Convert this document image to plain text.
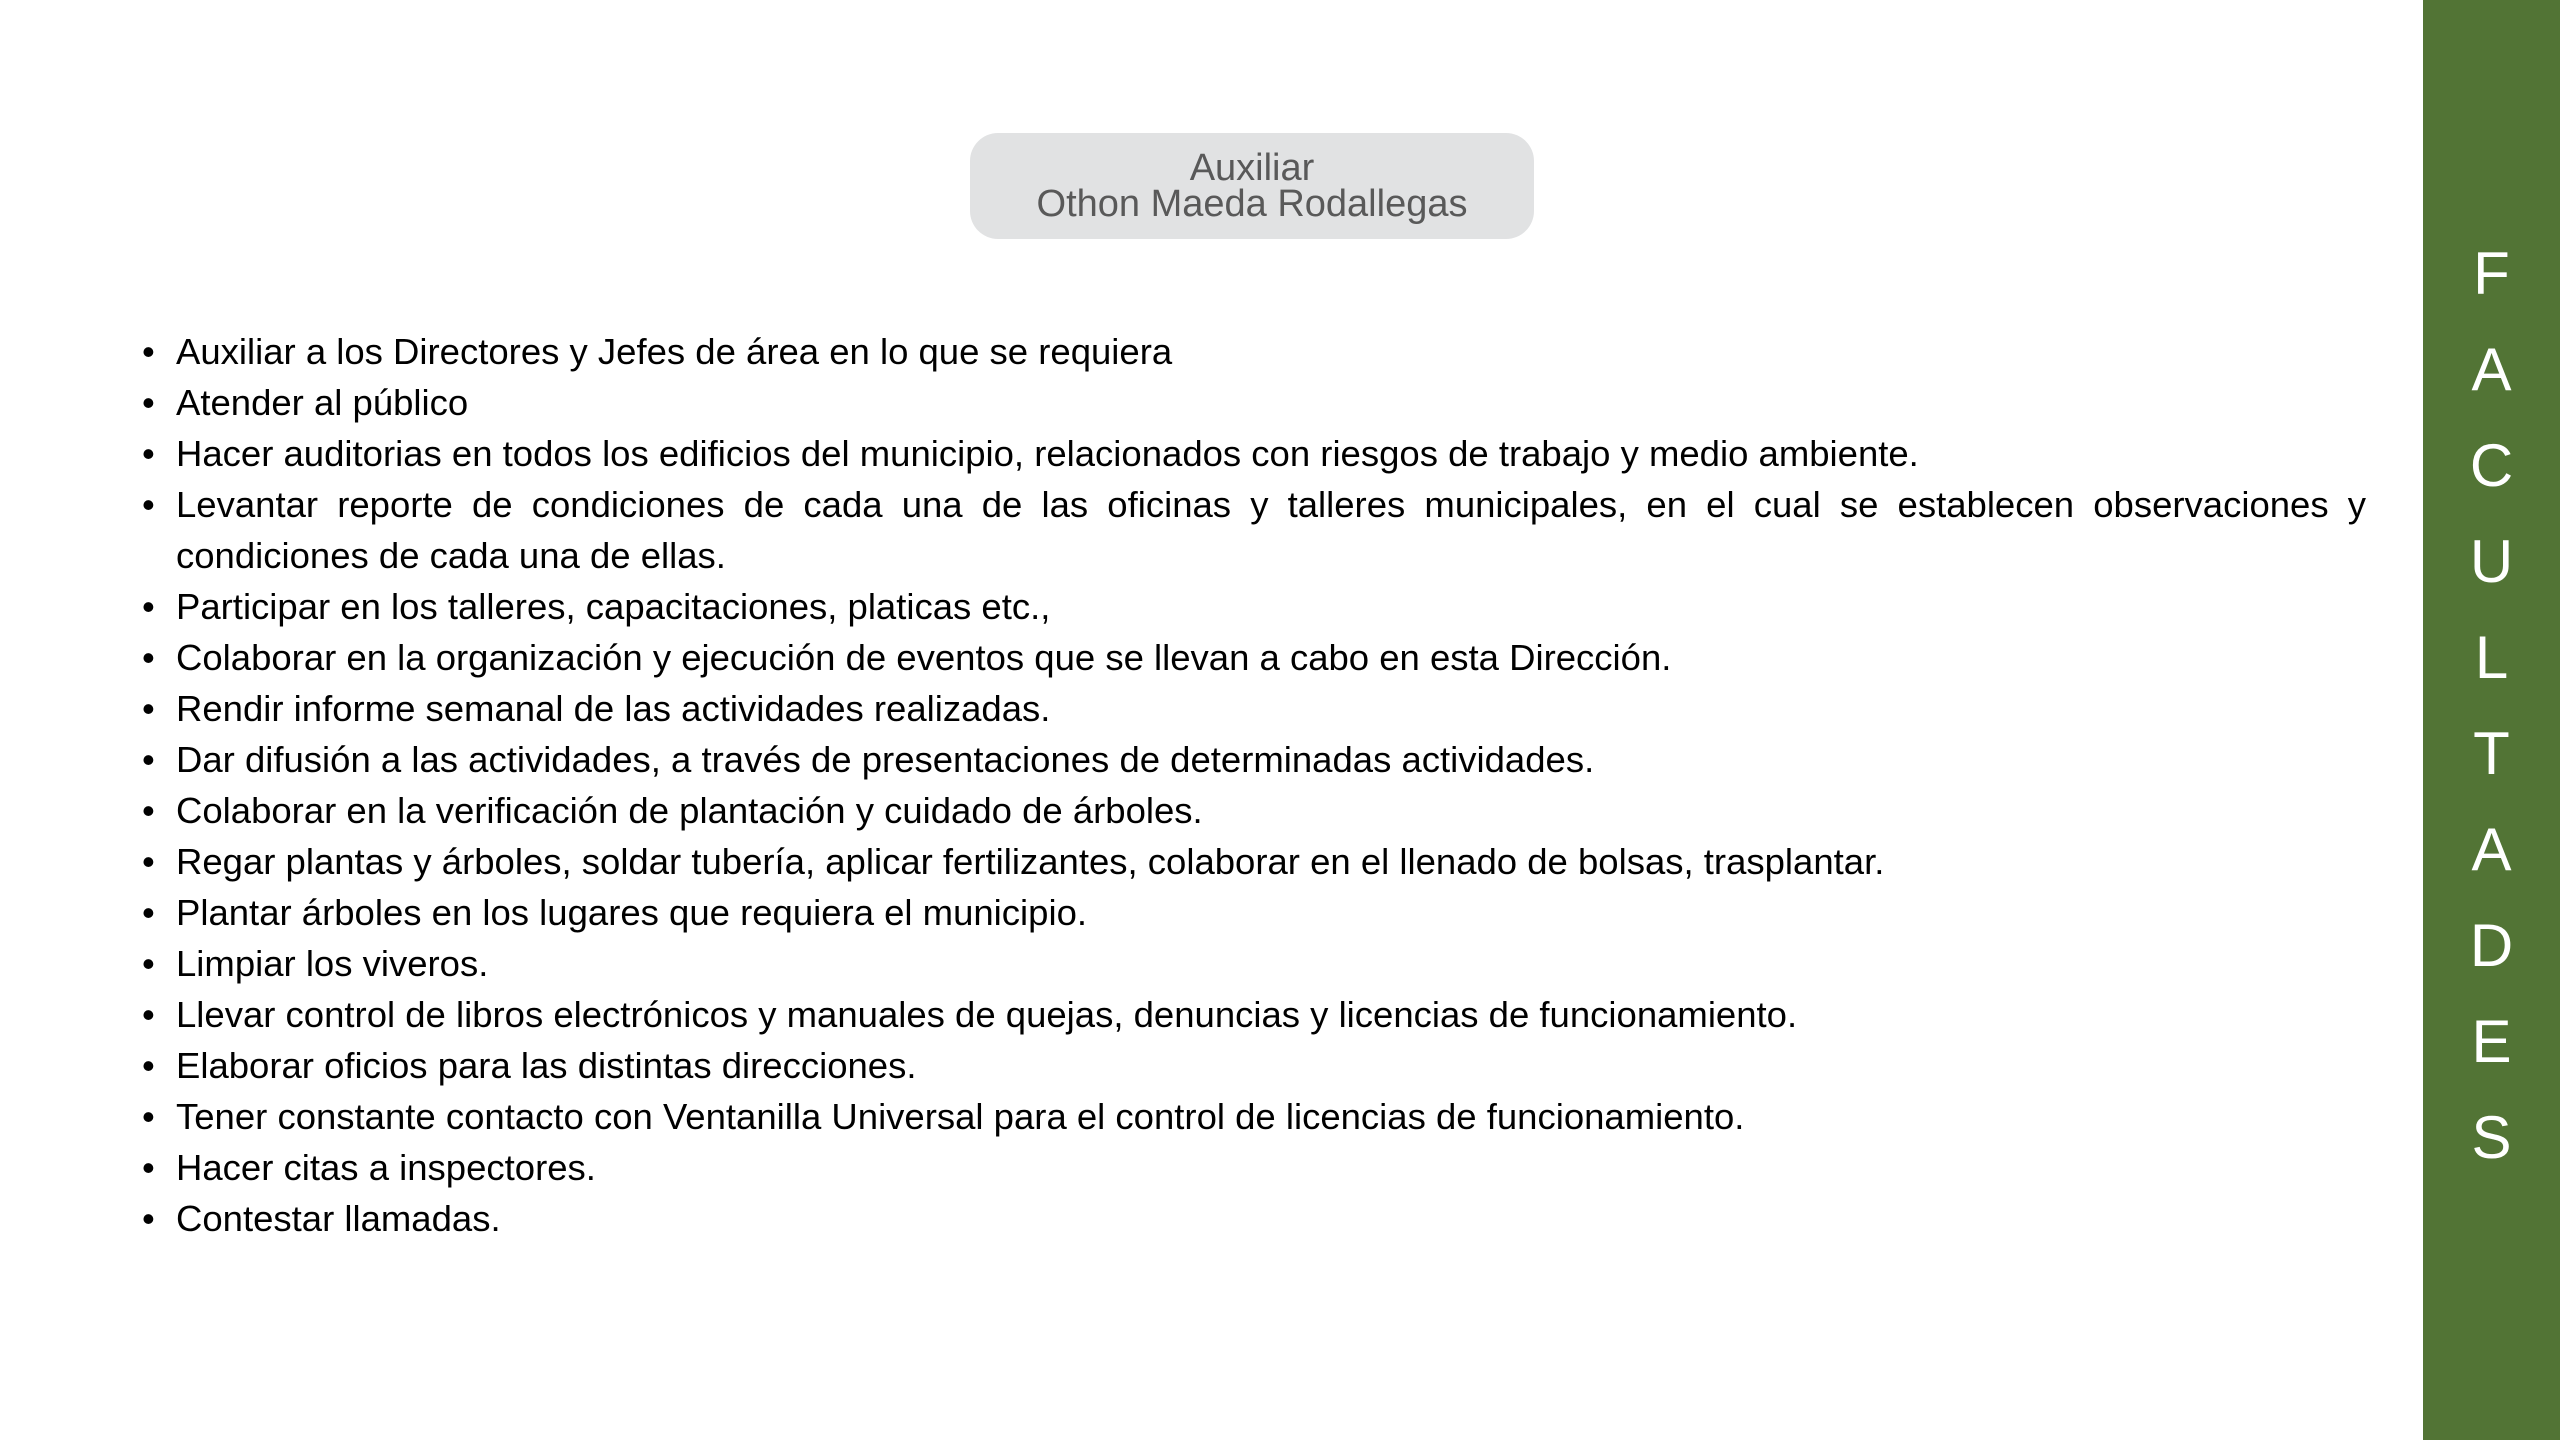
Auxiliar
Othon Maeda Rodallegas
• Auxiliar a los Directores y Jefes de área en lo que se requiera
• Atender al público
• Hacer auditorias en todos los edificios del municipio, relacionados con riesgos de trabajo y medio ambiente.
• Levantar reporte de condiciones de cada una de las oficinas y talleres municipales, en el cual se establecen observaciones y condiciones de cada una de ellas.
• Participar en los talleres, capacitaciones, platicas etc.,
• Colaborar en la organización y ejecución de eventos que se llevan a cabo en esta Dirección.
• Rendir informe semanal de las actividades realizadas.
• Dar difusión a las actividades, a través de presentaciones de determinadas actividades.
• Colaborar en la verificación de plantación y cuidado de árboles.
• Regar plantas y árboles, soldar tubería, aplicar fertilizantes, colaborar en el llenado de bolsas, trasplantar.
• Plantar árboles en los lugares que requiera el municipio.
• Limpiar los viveros.
• Llevar control de libros electrónicos y manuales de quejas, denuncias y licencias de funcionamiento.
• Elaborar oficios para las distintas direcciones.
• Tener constante contacto con Ventanilla Universal para el control de licencias de funcionamiento.
• Hacer citas a inspectores.
• Contestar llamadas.
F
A
C
U
L
T
A
D
E
S
